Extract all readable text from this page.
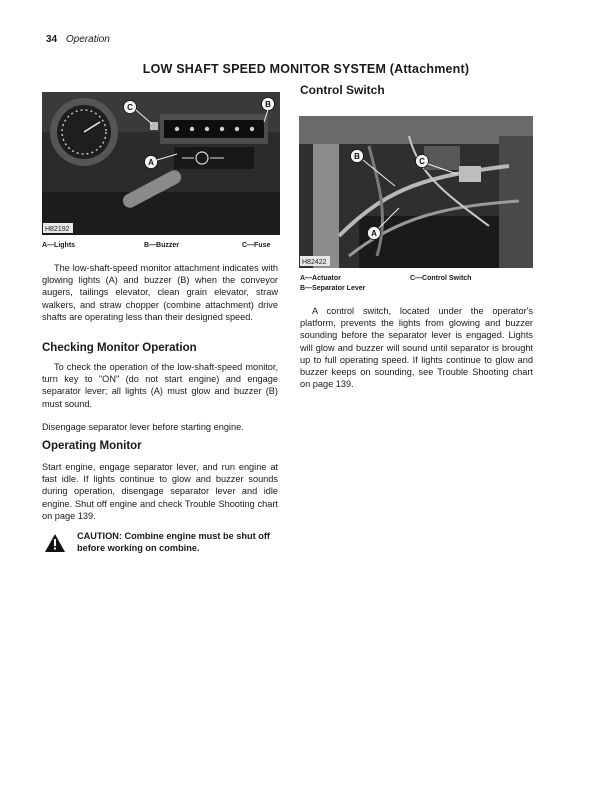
34 Operation
LOW SHAFT SPEED MONITOR SYSTEM (Attachment)
Control Switch
B
C
A
H82192
A—Lights	B—Buzzer	C—Fuse
B
C
A
H82422
A—Actuator
B—Separator Lever
C—Control Switch
The low-shaft-speed monitor attachment indicates with glowing lights (A) and buzzer (B) when the conveyor augers, tailings elevator, clean grain elevator, straw walkers, and straw chopper (combine attachment) drive shafts are operating less than their designed speed.
Checking Monitor Operation
To check the operation of the low-shaft-speed monitor, turn key to "ON" (do not start engine) and engage separator lever; all lights (A) must glow and buzzer (B) must sound.
Disengage separator lever before starting engine.
Operating Monitor
Start engine, engage separator lever, and run engine at fast idle. If lights continue to glow and buzzer sounds during operation, disengage separator lever and idle engine. Shut off engine and check Trouble Shooting chart on page 139.
CAUTION: Combine engine must be shut off before working on combine.
A control switch, located under the operator's platform, prevents the lights from glowing and buzzer sounding before the separator lever is engaged. Lights will glow and buzzer will sound until separator is brought up to full operating speed. If lights continue to glow and buzzer keeps on sounding, see Trouble Shooting chart on page 139.
